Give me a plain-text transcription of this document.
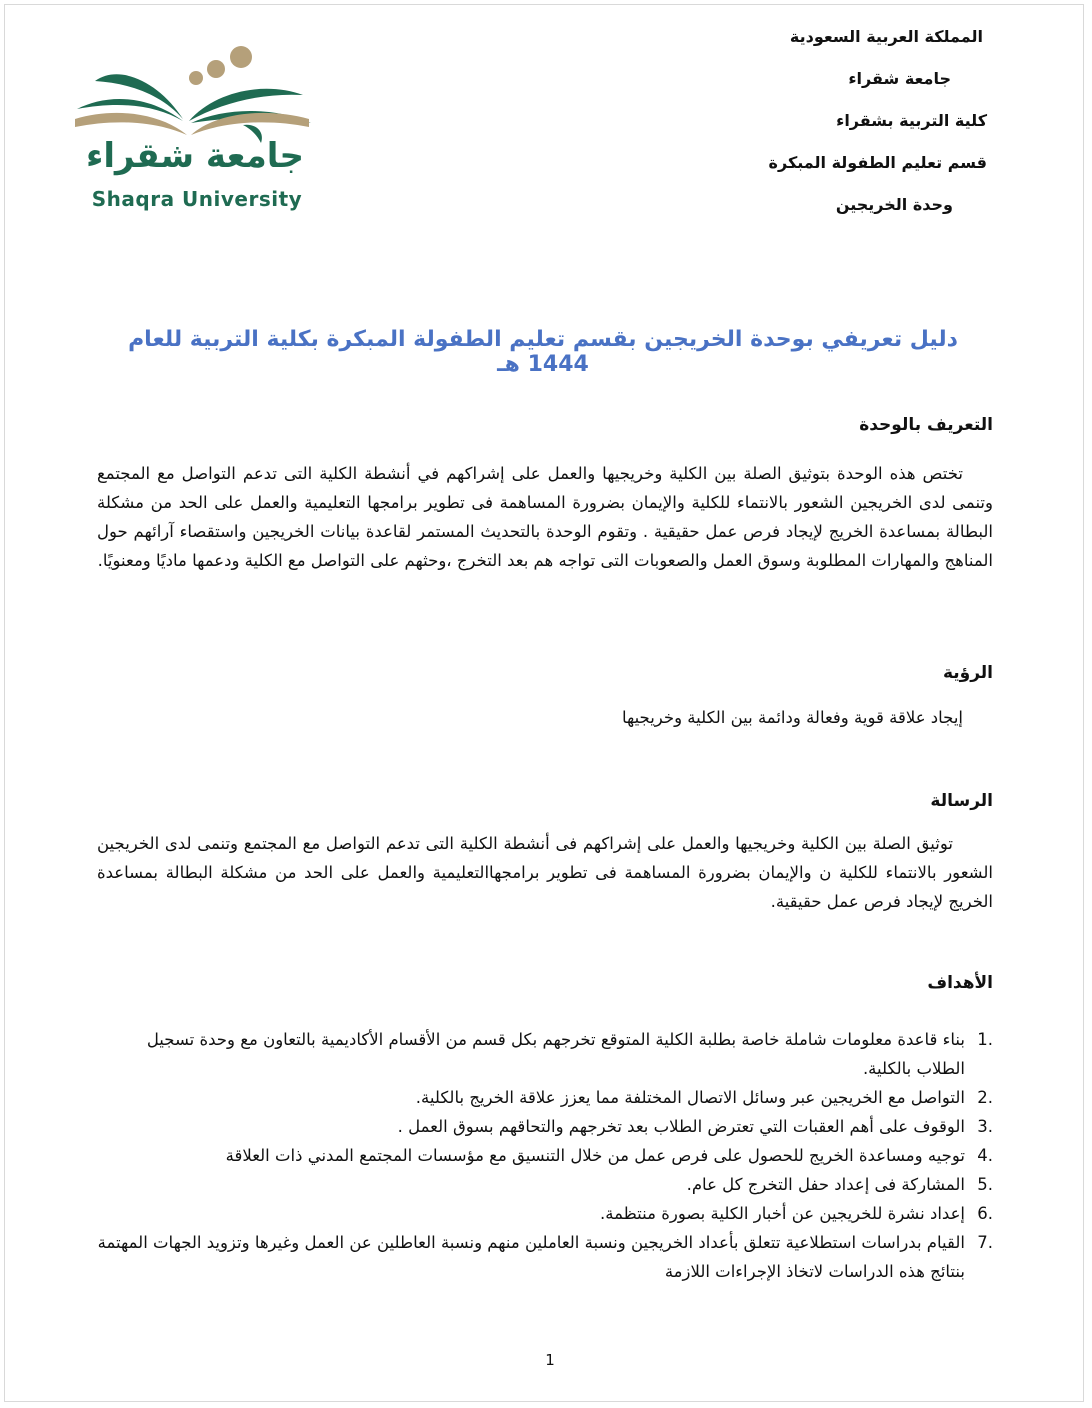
جامعة شقراء
Shaqra University
المملكة العربية السعودية
جامعة شقراء
كلية التربية بشقراء
قسم تعليم الطفولة المبكرة
وحدة الخريجين
دليل تعريفي بوحدة الخريجين بقسم تعليم الطفولة المبكرة بكلية التربية للعام 1444 هـ
التعريف بالوحدة
تختص هذه الوحدة بتوثيق الصلة بين الكلية وخريجيها والعمل على إشراكهم في أنشطة الكلية التى تدعم التواصل مع المجتمع وتنمى لدى الخريجين الشعور بالانتماء للكلية والإيمان بضرورة المساهمة فى تطوير برامجها التعليمية والعمل على الحد من مشكلة البطالة بمساعدة الخريج لإيجاد فرص عمل حقيقية . وتقوم الوحدة بالتحديث المستمر لقاعدة بيانات الخريجين واستقصاء آرائهم حول المناهج والمهارات المطلوبة وسوق العمل والصعوبات التى تواجه هم بعد التخرج ،وحثهم على التواصل مع الكلية ودعمها ماديًا ومعنويًا.
الرؤية
إيجاد علاقة قوية وفعالة ودائمة بين الكلية وخريجيها
الرسالة
توثيق الصلة بين الكلية وخريجيها والعمل على إشراكهم فى أنشطة الكلية التى تدعم التواصل مع المجتمع وتنمى لدى الخريجين الشعور بالانتماء للكلية ن والإيمان بضرورة المساهمة فى تطوير برامجهاالتعليمية والعمل على الحد من مشكلة البطالة بمساعدة الخريج لإيجاد فرص عمل حقيقية.
الأهداف
1.
بناء قاعدة معلومات شاملة خاصة بطلبة الكلية المتوقع تخرجهم بكل قسم من الأقسام الأكاديمية بالتعاون مع وحدة تسجيل الطلاب بالكلية.
2.
التواصل مع الخريجين عبر وسائل الاتصال المختلفة مما يعزز علاقة الخريج بالكلية.
3.
الوقوف على أهم العقبات التي تعترض الطلاب بعد تخرجهم والتحاقهم بسوق العمل .
4.
توجيه ومساعدة الخريج للحصول على فرص عمل من خلال التنسيق مع مؤسسات المجتمع المدني ذات العلاقة
5.
المشاركة فى إعداد حفل التخرج كل عام.
6.
إعداد نشرة للخريجين عن أخبار الكلية بصورة منتظمة.
7.
القيام بدراسات استطلاعية تتعلق بأعداد الخريجين ونسبة العاملين منهم ونسبة العاطلين عن العمل وغيرها وتزويد الجهات المهتمة بنتائج هذه الدراسات لاتخاذ الإجراءات اللازمة
1
